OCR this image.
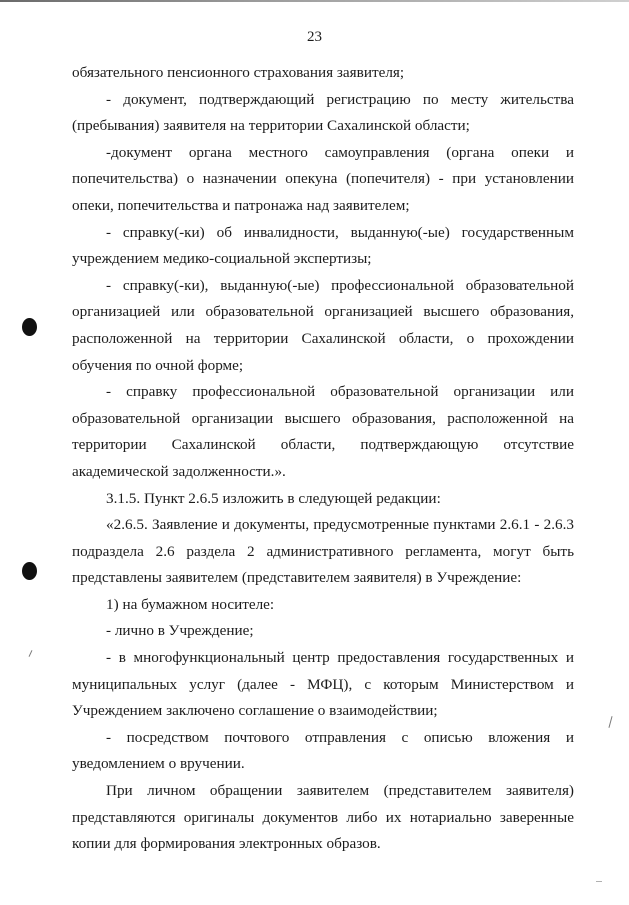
23

обязательного пенсионного страхования заявителя;

- документ, подтверждающий регистрацию по месту жительства (пребывания) заявителя на территории Сахалинской области;

-документ органа местного самоуправления (органа опеки и попечительства) о назначении опекуна (попечителя) - при установлении опеки, попечительства и патронажа над заявителем;

- справку(-ки) об инвалидности, выданную(-ые) государственным учреждением медико-социальной экспертизы;

- справку(-ки), выданную(-ые) профессиональной образовательной организацией или образовательной организацией высшего образования, расположенной на территории Сахалинской области, о прохождении обучения по очной форме;

- справку профессиональной образовательной организации или образовательной организации высшего образования, расположенной на территории Сахалинской области, подтверждающую отсутствие академической задолженности.».

3.1.5. Пункт 2.6.5 изложить в следующей редакции:

«2.6.5. Заявление и документы, предусмотренные пунктами 2.6.1 - 2.6.3 подраздела 2.6 раздела 2 административного регламента, могут быть представлены заявителем (представителем заявителя) в Учреждение:

1) на бумажном носителе:

- лично в Учреждение;

- в многофункциональный центр предоставления государственных и муниципальных услуг (далее - МФЦ), с которым Министерством и Учреждением заключено соглашение о взаимодействии;

- посредством почтового отправления с описью вложения и уведомлением о вручении.

При личном обращении заявителем (представителем заявителя) представляются оригиналы документов либо их нотариально заверенные копии для формирования электронных образов.
